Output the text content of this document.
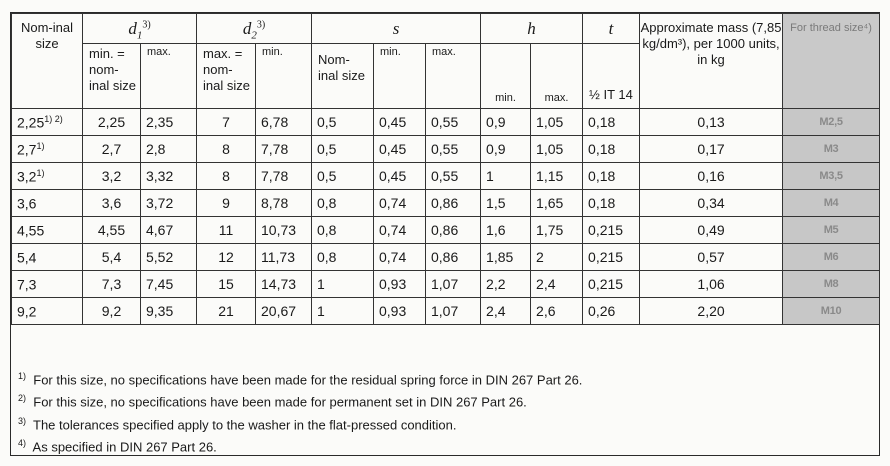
Nom-inal size	$d_1^{3)}$		$d_2^{3)}$		s			h		t	Approximate mass (7,85 kg/dm³), per 1000 units, in kg	For thread size⁴)
	min. = nom-inal size	max.	max. = nom-inal size	min.	Nom-inal size	min.	max.	min.	max.	½ IT 14		
2,25$^{1)}$ $^{2)}$	2,25	2,35	7	6,78	0,5	0,45	0,55	0,9	1,05	0,18	0,13	M2,5
2,7$^{1)}$	2,7	2,8	8	7,78	0,5	0,45	0,55	0,9	1,05	0,18	0,17	M3
3,2$^{1)}$	3,2	3,32	8	7,78	0,5	0,45	0,55	1	1,15	0,18	0,16	M3,5
3,6	3,6	3,72	9	8,78	0,8	0,74	0,86	1,5	1,65	0,18	0,34	M4
4,55	4,55	4,67	11	10,73	0,8	0,74	0,86	1,6	1,75	0,215	0,49	M5
5,4	5,4	5,52	12	11,73	0,8	0,74	0,86	1,85	2	0,215	0,57	M6
7,3	7,3	7,45	15	14,73	1	0,93	1,07	2,2	2,4	0,215	1,06	M8
9,2	9,2	9,35	21	20,67	1	0,93	1,07	2,4	2,6	0,26	2,20	M10
$^{1)}$ For this size, no specifications have been made for the residual spring force in DIN 267 Part 26.
$^{2)}$ For this size, no specifications have been made for permanent set in DIN 267 Part 26.
$^{3)}$ The tolerances specified apply to the washer in the flat-pressed condition.
$^{4)}$ As specified in DIN 267 Part 26.
